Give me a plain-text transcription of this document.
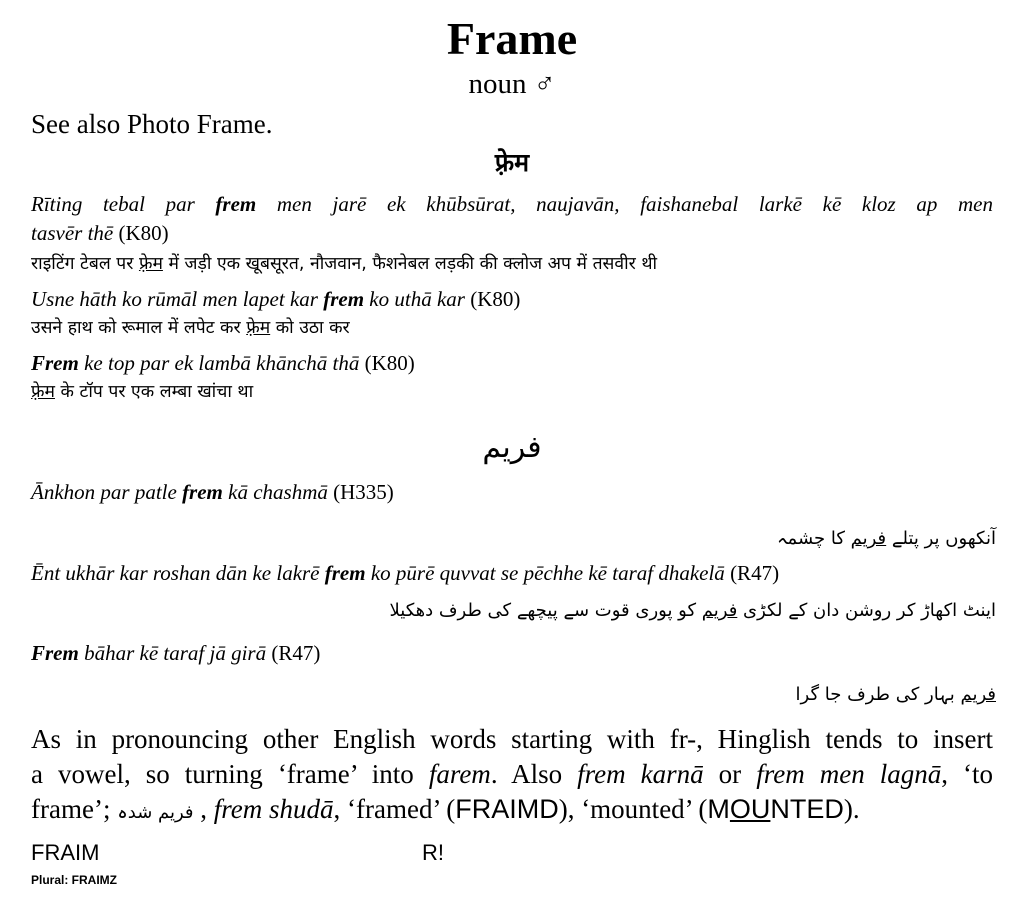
Frame
noun ♂
See also Photo Frame.
फ़्रेम
Rīting tebal par frem men jarē ek khūbsūrat, naujavān, faishanebal larkē kē kloz ap men
tasvēr thē (K80)
राइटिंग टेबल पर फ़्रेम में जड़ी एक खूबसूरत, नौजवान, फैशनेबल लड़की की क्लोज अप में तसवीर थी
Usne hāth ko rūmāl men lapet kar frem ko uthā kar (K80)
उसने हाथ को रूमाल में लपेट कर फ़्रेम को उठा कर
Frem ke top par ek lambā khānchā thā (K80)
फ़्रेम के टॉप पर एक लम्बा खांचा था
فریم
Ānkhon par patle frem kā chashmā (H335)
آنکھوں پر پتلے فریم کا چشمہ
Ēnt ukhār kar roshan dān ke lakrē frem ko pūrē quvvat se pēchhe kē taraf dhakelā (R47)
اینٹ اکھاڑ کر روشن دان کے لکڑی فریم کو پوری قوت سے پیچھے کی طرف دھکیلا
Frem bāhar kē taraf jā girā (R47)
فریم بہار کی طرف جا گرا
As in pronouncing other English words starting with fr-, Hinglish tends to insert
a vowel, so turning ‘frame’ into farem. Also frem karnā or frem men lagnā, ‘to
frame’; فریم شدہ , frem shudā, ‘framed’ (FRAIMD), ‘mounted’ (MOUNTED).
FRAIM	R!
Plural: FRAIMZ
